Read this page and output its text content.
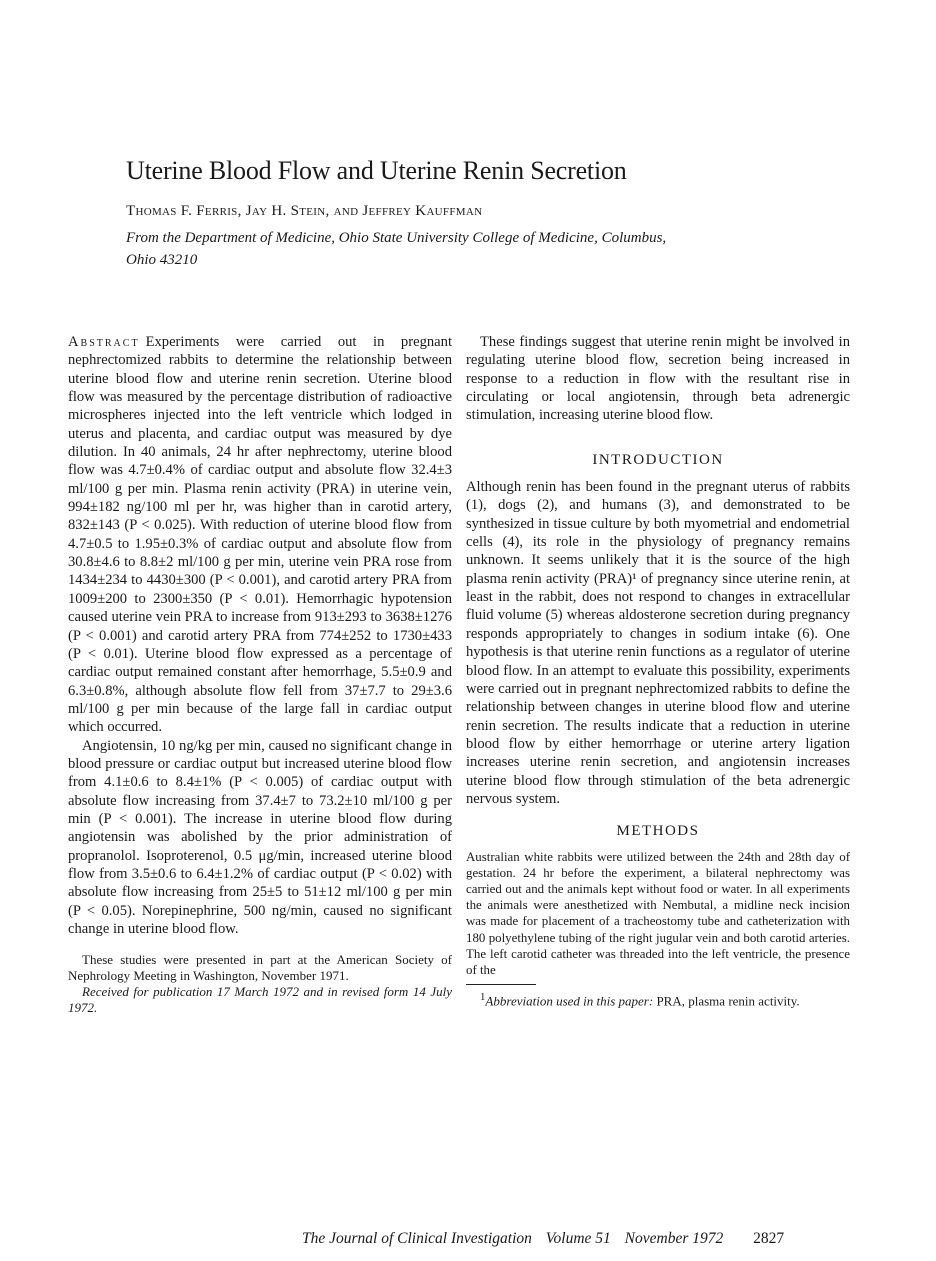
Uterine Blood Flow and Uterine Renin Secretion
Thomas F. Ferris, Jay H. Stein, and Jeffrey Kauffman
From the Department of Medicine, Ohio State University College of Medicine, Columbus, Ohio 43210

Abstract Experiments were carried out in pregnant nephrectomized rabbits to determine the relationship between uterine blood flow and uterine renin secretion. Uterine blood flow was measured by the percentage distribution of radioactive microspheres injected into the left ventricle which lodged in uterus and placenta, and cardiac output was measured by dye dilution. In 40 animals, 24 hr after nephrectomy, uterine blood flow was 4.7±0.4% of cardiac output and absolute flow 32.4±3 ml/100 g per min. Plasma renin activity (PRA) in uterine vein, 994±182 ng/100 ml per hr, was higher than in carotid artery, 832±143 (P < 0.025). With reduction of uterine blood flow from 4.7±0.5 to 1.95±0.3% of cardiac output and absolute flow from 30.8±4.6 to 8.8±2 ml/100 g per min, uterine vein PRA rose from 1434±234 to 4430±300 (P < 0.001), and carotid artery PRA from 1009±200 to 2300±350 (P < 0.01). Hemorrhagic hypotension caused uterine vein PRA to increase from 913±293 to 3638±1276 (P < 0.001) and carotid artery PRA from 774±252 to 1730±433 (P < 0.01). Uterine blood flow expressed as a percentage of cardiac output remained constant after hemorrhage, 5.5±0.9 and 6.3±0.8%, although absolute flow fell from 37±7.7 to 29±3.6 ml/100 g per min because of the large fall in cardiac output which occurred.

Angiotensin, 10 ng/kg per min, caused no significant change in blood pressure or cardiac output but increased uterine blood flow from 4.1±0.6 to 8.4±1% (P < 0.005) of cardiac output with absolute flow increasing from 37.4±7 to 73.2±10 ml/100 g per min (P < 0.001). The increase in uterine blood flow during angiotensin was abolished by the prior administration of propranolol. Isoproterenol, 0.5 μg/min, increased uterine blood flow from 3.5±0.6 to 6.4±1.2% of cardiac output (P < 0.02) with absolute flow increasing from 25±5 to 51±12 ml/100 g per min (P < 0.05). Norepinephrine, 500 ng/min, caused no significant change in uterine blood flow.

These studies were presented in part at the American Society of Nephrology Meeting in Washington, November 1971.

Received for publication 17 March 1972 and in revised form 14 July 1972.

These findings suggest that uterine renin might be involved in regulating uterine blood flow, secretion being increased in response to a reduction in flow with the resultant rise in circulating or local angiotensin, through beta adrenergic stimulation, increasing uterine blood flow.

INTRODUCTION

Although renin has been found in the pregnant uterus of rabbits (1), dogs (2), and humans (3), and demonstrated to be synthesized in tissue culture by both myometrial and endometrial cells (4), its role in the physiology of pregnancy remains unknown. It seems unlikely that it is the source of the high plasma renin activity (PRA)¹ of pregnancy since uterine renin, at least in the rabbit, does not respond to changes in extracellular fluid volume (5) whereas aldosterone secretion during pregnancy responds appropriately to changes in sodium intake (6). One hypothesis is that uterine renin functions as a regulator of uterine blood flow. In an attempt to evaluate this possibility, experiments were carried out in pregnant nephrectomized rabbits to define the relationship between changes in uterine blood flow and uterine renin secretion. The results indicate that a reduction in uterine blood flow by either hemorrhage or uterine artery ligation increases uterine renin secretion, and angiotensin increases uterine blood flow through stimulation of the beta adrenergic nervous system.

METHODS

Australian white rabbits were utilized between the 24th and 28th day of gestation. 24 hr before the experiment, a bilateral nephrectomy was carried out and the animals kept without food or water. In all experiments the animals were anesthetized with Nembutal, a midline neck incision was made for placement of a tracheostomy tube and catheterization with 180 polyethylene tubing of the right jugular vein and both carotid arteries. The left carotid catheter was threaded into the left ventricle, the presence of the

$^1$Abbreviation used in this paper: PRA, plasma renin activity.

The Journal of Clinical Investigation Volume 51 November 1972 2827
